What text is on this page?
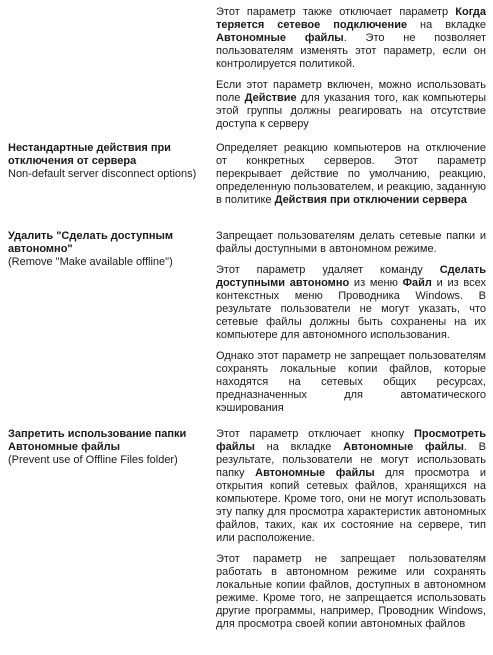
Этот параметр также отключает параметр Когда теряется сетевое подключение на вкладке Автономные файлы. Это не позволяет пользователям изменять этот параметр, если он контролируется политикой.

Если этот параметр включен, можно использовать поле Действие для указания того, как компьютеры этой группы должны реагировать на отсутствие доступа к серверу

Нестандартные действия при отключения от сервера
Non-default server disconnect options)

Определяет реакцию компьютеров на отключение от конкретных серверов. Этот параметр перекрывает действие по умолчанию, реакцию, определенную пользователем, и реакцию, заданную в политике Действия при отключении сервера

Удалить "Сделать доступным автономно"
(Remove "Make available offline")

Запрещает пользователям делать сетевые папки и файлы доступными в автономном режиме.

Этот параметр удаляет команду Сделать доступными автономно из меню Файл и из всех контекстных меню Проводника Windows. В результате пользователи не могут указать, что сетевые файлы должны быть сохранены на их компьютере для автономного использования.

Однако этот параметр не запрещает пользователям сохранять локальные копии файлов, которые находятся на сетевых общих ресурсах, предназначенных для автоматического кэширования

Запретить использование папки Автономные файлы
(Prevent use of Offline Files folder)

Этот параметр отключает кнопку Просмотреть файлы на вкладке Автономные файлы. В результате, пользователи не могут использовать папку Автономные файлы для просмотра и открытия копий сетевых файлов, хранящихся на компьютере. Кроме того, они не могут использовать эту папку для просмотра характеристик автономных файлов, таких, как их состояние на сервере, тип или расположение.

Этот параметр не запрещает пользователям работать в автономном режиме или сохранять локальные копии файлов, доступных в автономном режиме. Кроме того, не запрещается использовать другие программы, например, Проводник Windows, для просмотра своей копии автономных файлов
